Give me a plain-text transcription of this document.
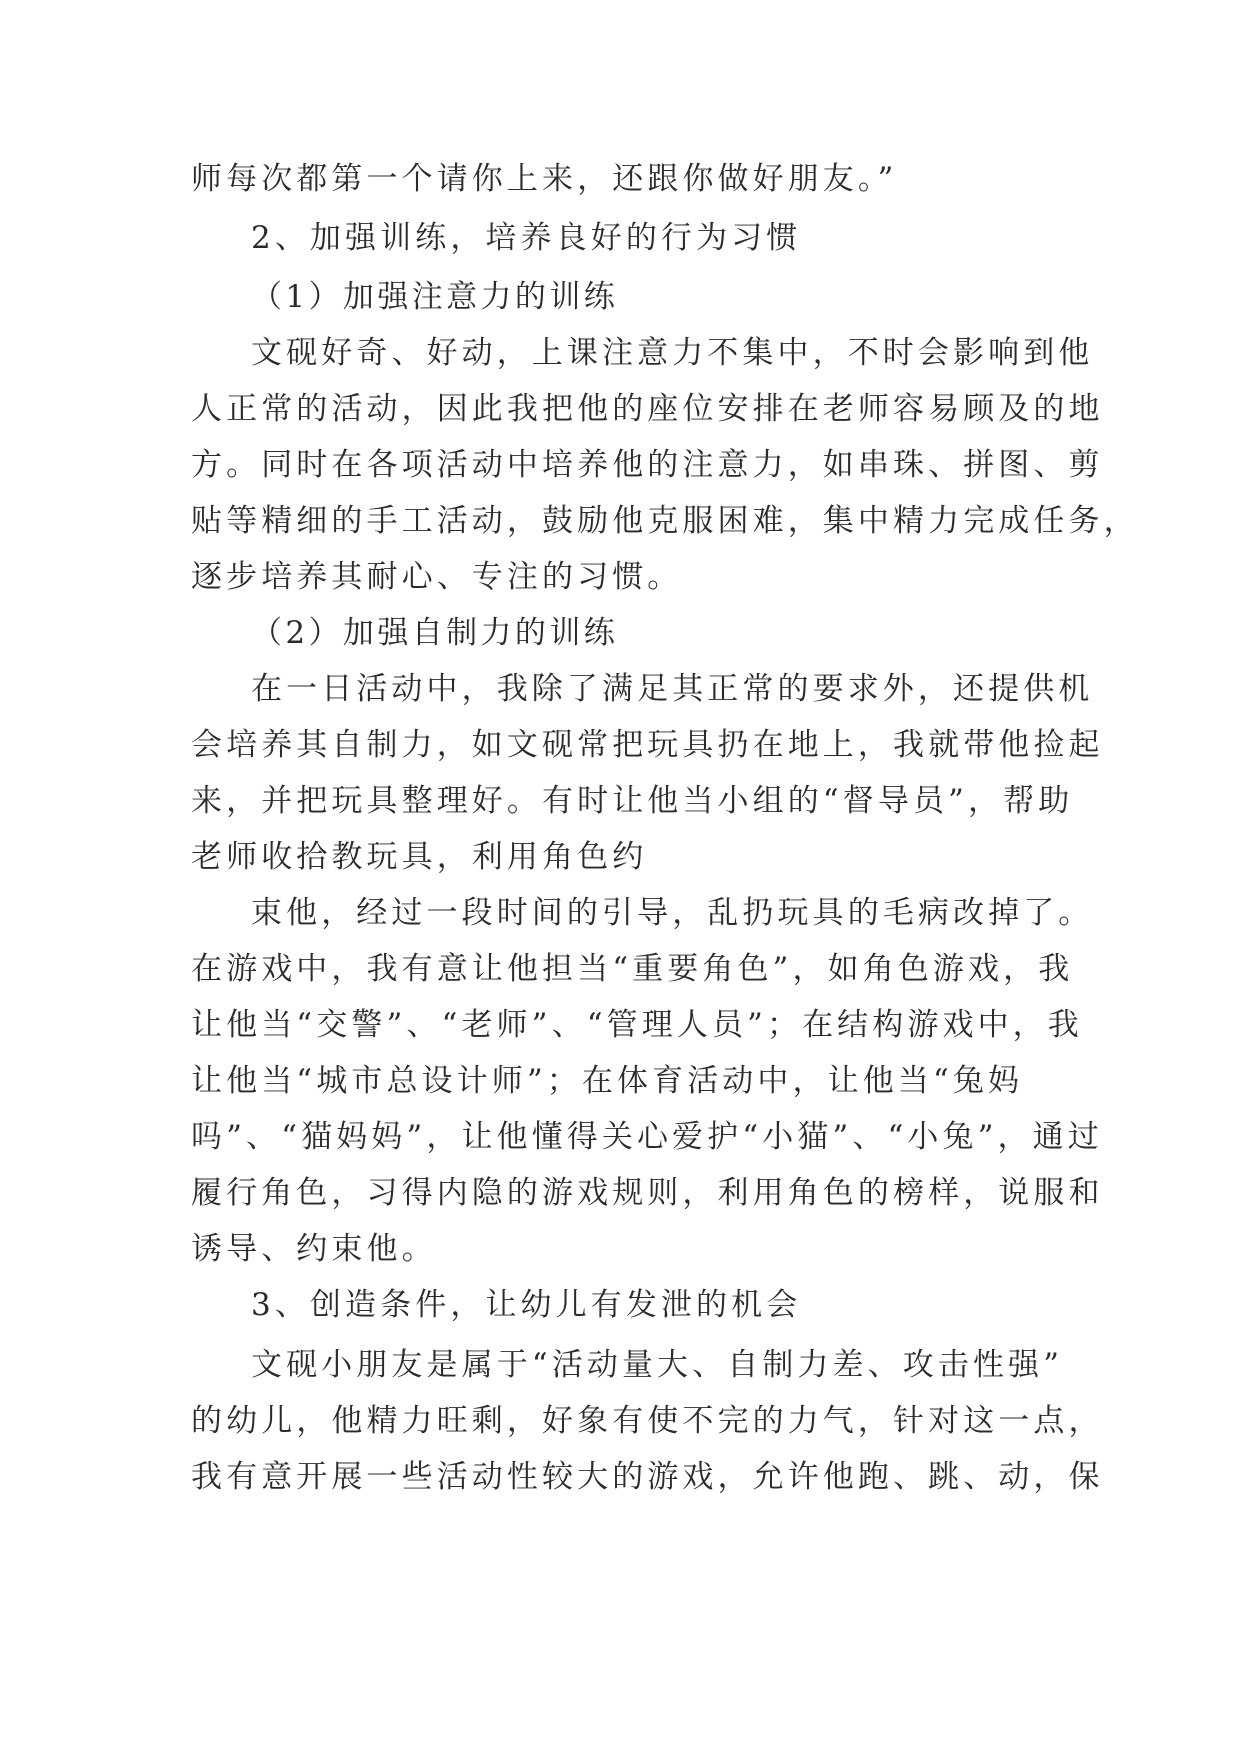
师每次都第一个请你上来，还跟你做好朋友。”
2、加强训练，培养良好的行为习惯
（1）加强注意力的训练
文砚好奇、好动，上课注意力不集中，不时会影响到他
人正常的活动，因此我把他的座位安排在老师容易顾及的地
方。同时在各项活动中培养他的注意力，如串珠、拼图、剪
贴等精细的手工活动，鼓励他克服困难，集中精力完成任务，
逐步培养其耐心、专注的习惯。
（2）加强自制力的训练
在一日活动中，我除了满足其正常的要求外，还提供机
会培养其自制力，如文砚常把玩具扔在地上，我就带他捡起
来，并把玩具整理好。有时让他当小组的“督导员”，帮助
老师收拾教玩具，利用角色约
束他，经过一段时间的引导，乱扔玩具的毛病改掉了。
在游戏中，我有意让他担当“重要角色”，如角色游戏，我
让他当“交警”、“老师”、“管理人员”；在结构游戏中，我
让他当“城市总设计师”；在体育活动中，让他当“兔妈
吗”、“猫妈妈”，让他懂得关心爱护“小猫”、“小兔”，通过
履行角色，习得内隐的游戏规则，利用角色的榜样，说服和
诱导、约束他。
3、创造条件，让幼儿有发泄的机会
文砚小朋友是属于“活动量大、自制力差、攻击性强”
的幼儿，他精力旺剩，好象有使不完的力气，针对这一点，
我有意开展一些活动性较大的游戏，允许他跑、跳、动，保
